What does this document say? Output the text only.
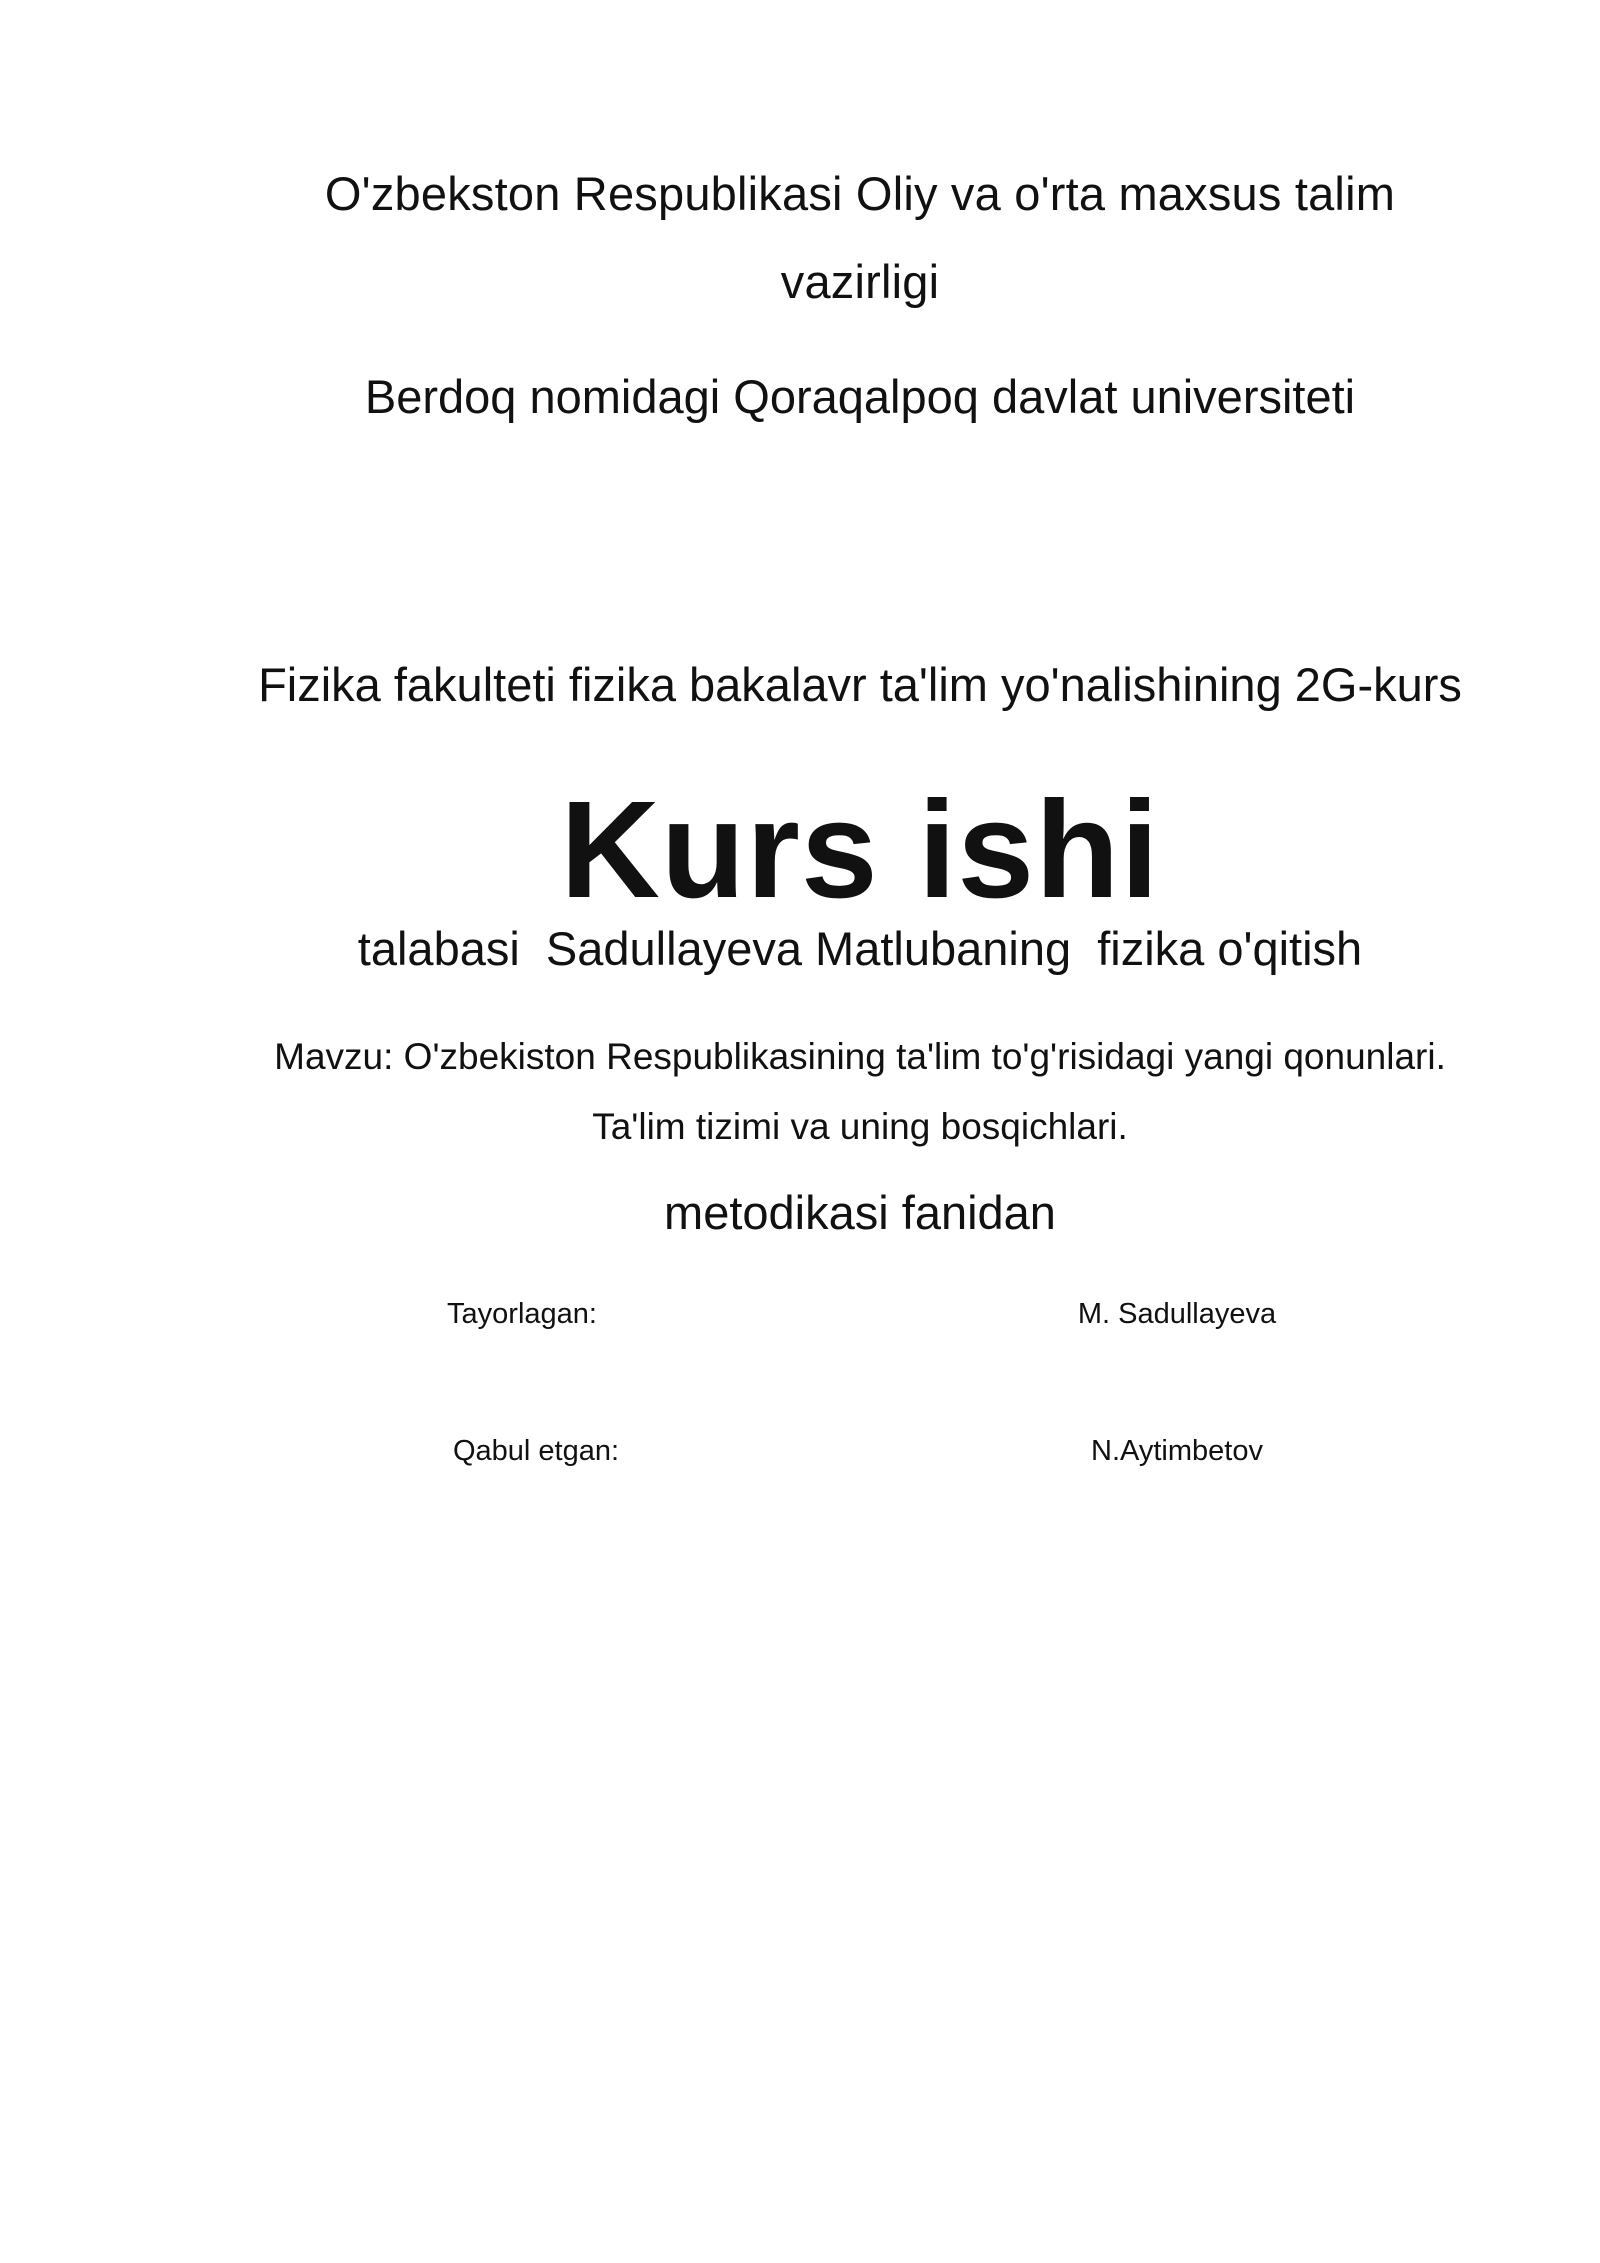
O'zbekston Respublikasi Oliy va o'rta maxsus talim
vazirligi
Berdoq nomidagi Qoraqalpoq davlat universiteti

Fizika fakulteti fizika bakalavr ta'lim yo'nalishining 2G-kurs

talabasi  Sadullayeva Matlubaning  fizika o'qitish

metodikasi fanidan

Kurs ishi
Mavzu: O'zbekiston Respublikasining ta'lim to'g'risidagi yangi qonunlari.
Ta'lim tizimi va uning bosqichlari.
Tayorlagan:	M. Sadullayeva
Qabul etgan:	N.Aytimbetov
